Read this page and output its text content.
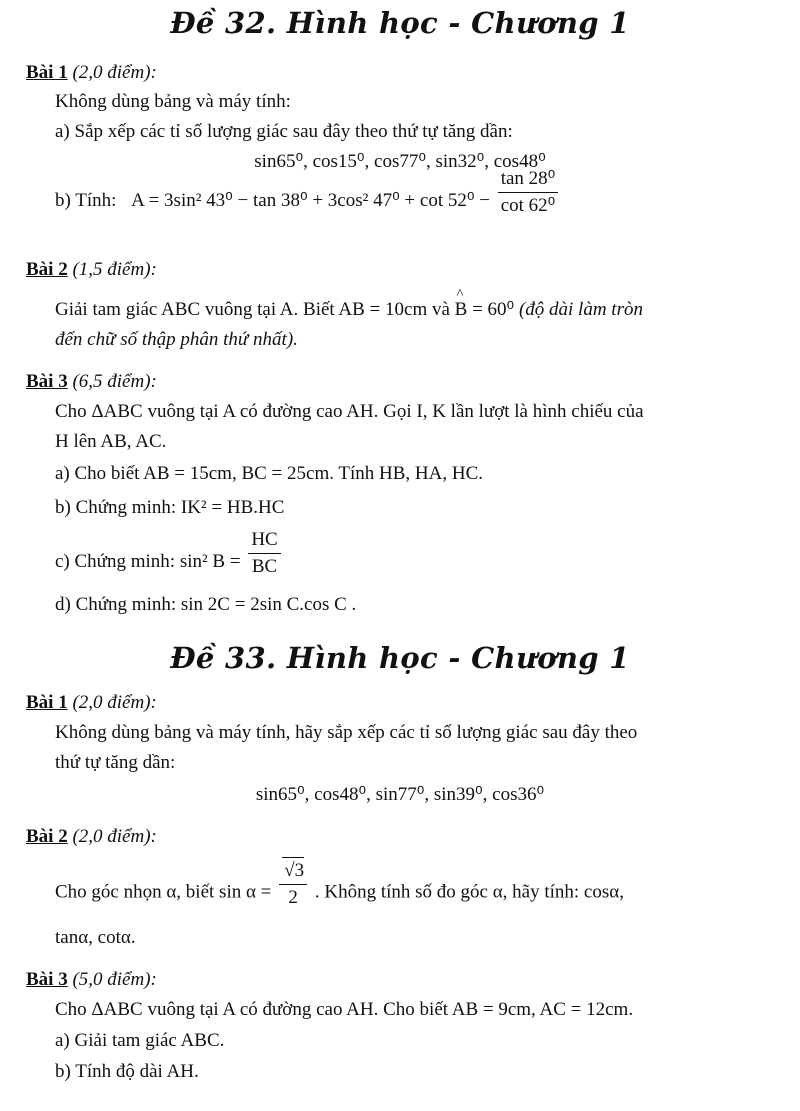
Đề 32. Hình học - Chương 1
Bài 1 (2,0 điểm):
Không dùng bảng và máy tính:
a) Sắp xếp các tỉ số lượng giác sau đây theo thứ tự tăng dần:
sin65⁰, cos15⁰, cos77⁰, sin32⁰, cos48⁰
b) Tính: A = 3sin² 43⁰ − tan 38⁰ + 3cos² $47^0 + \cot 52^0 - \frac{\text{tan 28⁰}}{\text{cot 62⁰}}$
Bài 2 (1,5 điểm):
Giải tam giác ABC vuông tại A. Biết AB = 10cm và ^ B = 60⁰ (độ dài làm tròn
đến chữ số thập phân thứ nhất).
Bài 3 (6,5 điểm):
Cho ΔABC vuông tại A có đường cao AH. Gọi I, K lần lượt là hình chiếu của
H lên AB, AC.
a) Cho biết AB = 15cm, BC = 25cm. Tính HB, HA, HC.
b) Chứng minh: IK² = HB.HC
c) Chứng minh: sin² $B = \frac{HC}{BC}$
d) Chứng minh: sin 2C = 2sin C.cos C .
Đề 33. Hình học - Chương 1
Bài 1 (2,0 điểm):
Không dùng bảng và máy tính, hãy sắp xếp các tỉ số lượng giác sau đây theo
thứ tự tăng dần:
sin65⁰, cos48⁰, sin77⁰, sin39⁰, cos36⁰
Bài 2 (2,0 điểm):
Cho góc nhọn α, biết $\sin \alpha = \frac{√3}{2}$ . Không tính số đo góc α, hãy tính: cosα,
tanα, cotα.
Bài 3 (5,0 điểm):
Cho ΔABC vuông tại A có đường cao AH. Cho biết AB = 9cm, AC = 12cm.
a) Giải tam giác ABC.
b) Tính độ dài AH.
